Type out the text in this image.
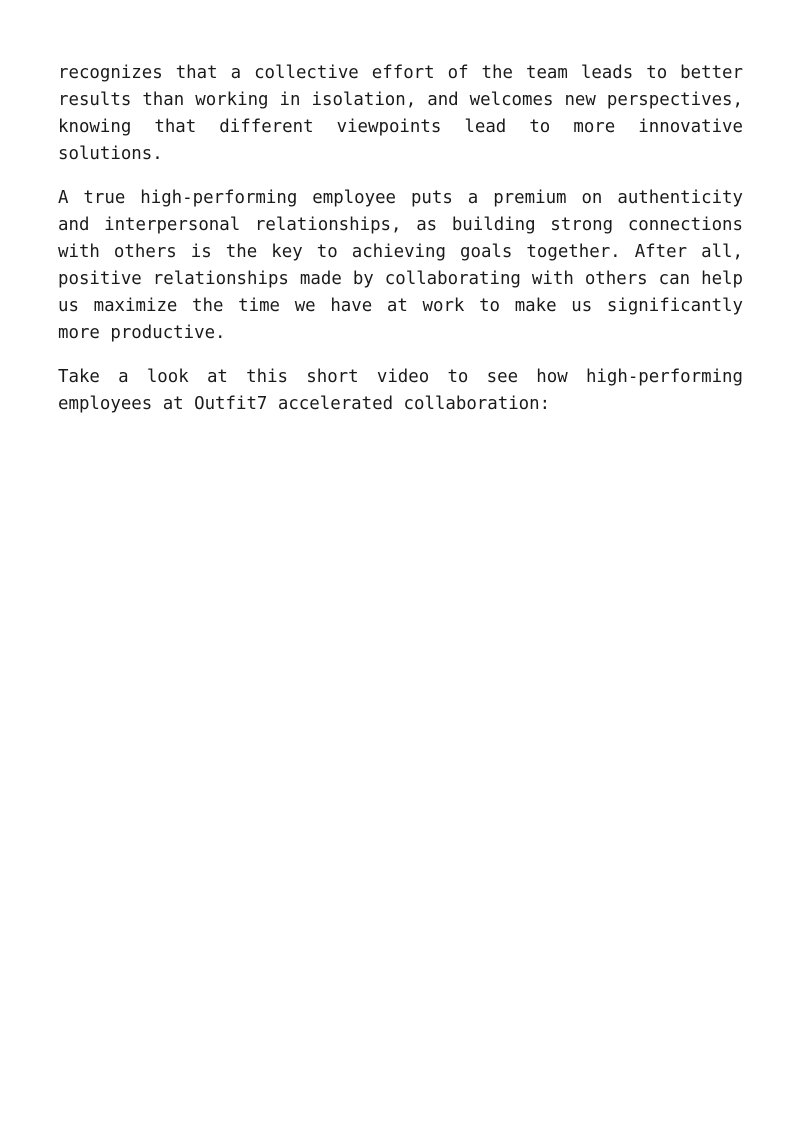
recognizes that a collective effort of the team leads to better results than working in isolation, and welcomes new perspectives, knowing that different viewpoints lead to more innovative solutions.

A true high-performing employee puts a premium on authenticity and interpersonal relationships, as building strong connections with others is the key to achieving goals together. After all, positive relationships made by collaborating with others can help us maximize the time we have at work to make us significantly more productive.

Take a look at this short video to see how high-performing employees at Outfit7 accelerated collaboration:
